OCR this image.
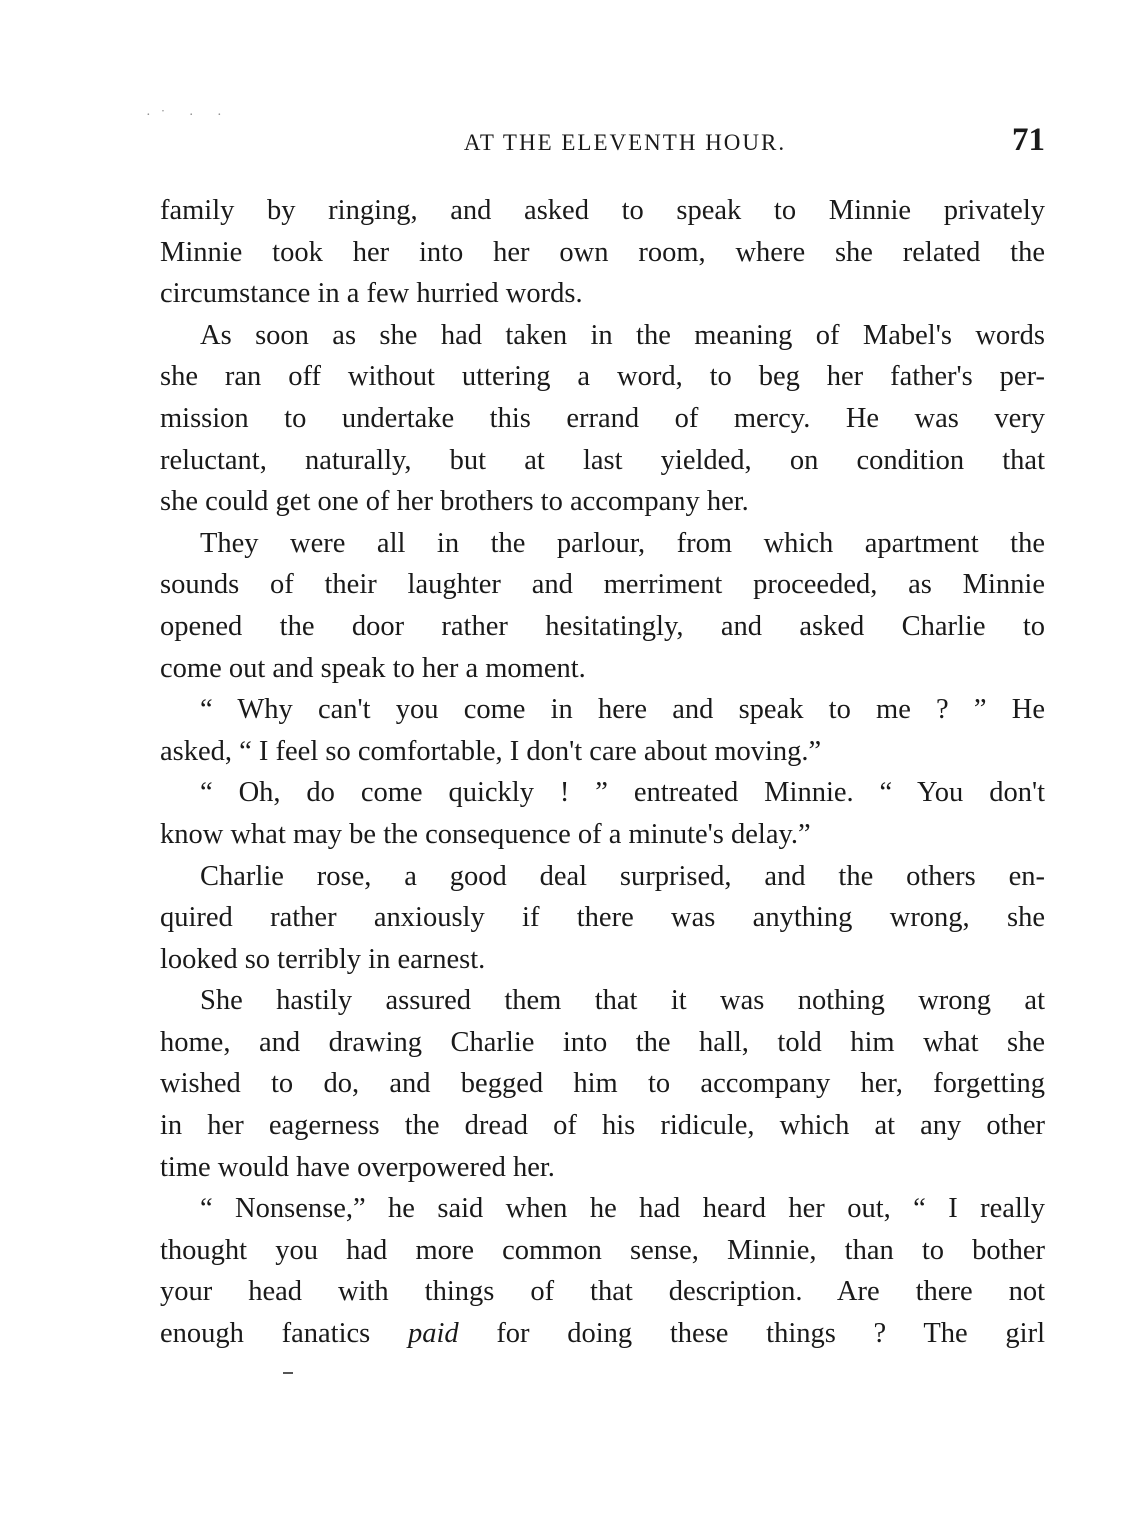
·˙ · ·
AT THE ELEVENTH HOUR.	71

family by ringing, and asked to speak to Minnie privately

Minnie took her into her own room, where she related the

circumstance in a few hurried words.

As soon as she had taken in the meaning of Mabel's words

she ran off without uttering a word, to beg her father's per-

mission to undertake this errand of mercy. He was very

reluctant, naturally, but at last yielded, on condition that

she could get one of her brothers to accompany her.

They were all in the parlour, from which apartment the

sounds of their laughter and merriment proceeded, as Minnie

opened the door rather hesitatingly, and asked Charlie to

come out and speak to her a moment.

“ Why can't you come in here and speak to me ? ” He

asked, “ I feel so comfortable, I don't care about moving.”

“ Oh, do come quickly ! ” entreated Minnie. “ You don't

know what may be the consequence of a minute's delay.”

Charlie rose, a good deal surprised, and the others en-

quired rather anxiously if there was anything wrong, she

looked so terribly in earnest.

She hastily assured them that it was nothing wrong at

home, and drawing Charlie into the hall, told him what she

wished to do, and begged him to accompany her, forgetting

in her eagerness the dread of his ridicule, which at any other

time would have overpowered her.

“ Nonsense,” he said when he had heard her out, “ I really

thought you had more common sense, Minnie, than to bother

your head with things of that description. Are there not

enough fanatics paid for doing these things ? The girl
